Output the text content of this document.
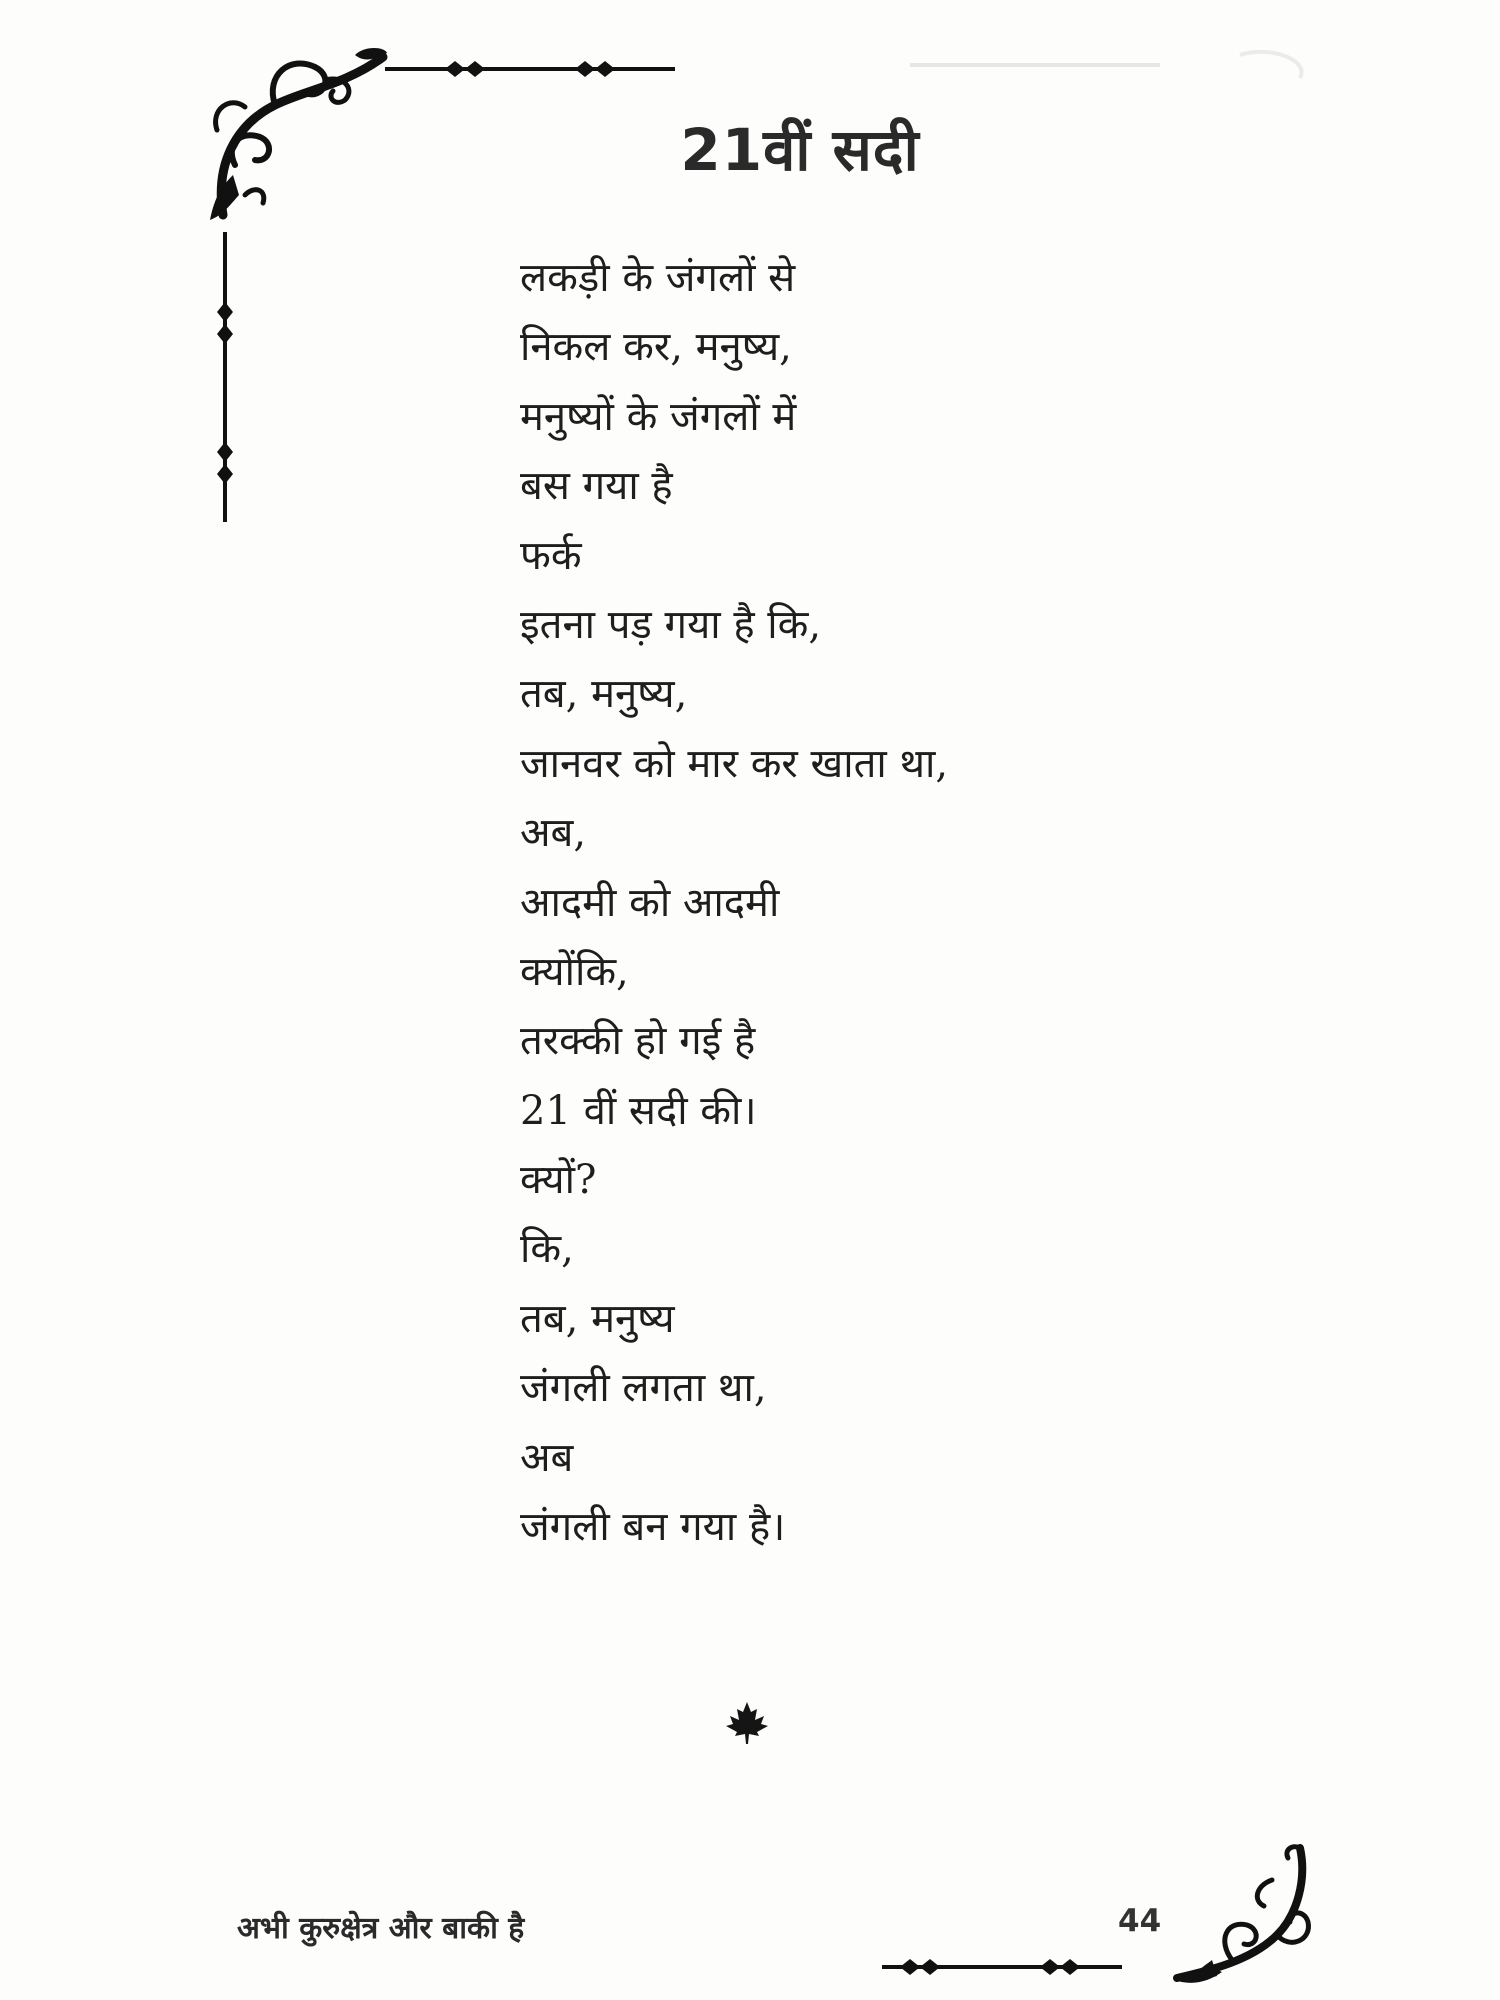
21वीं सदी
लकड़ी के जंगलों से
निकल कर, मनुष्य,
मनुष्यों के जंगलों में
बस गया है
फर्क
इतना पड़ गया है कि,
तब, मनुष्य,
जानवर को मार कर खाता था,
अब,
आदमी को आदमी
क्योंकि,
तरक्की हो गई है
21 वीं सदी की।
क्यों?
कि,
तब, मनुष्य
जंगली लगता था,
अब
जंगली बन गया है।
अभी कुरुक्षेत्र और बाकी है	44
